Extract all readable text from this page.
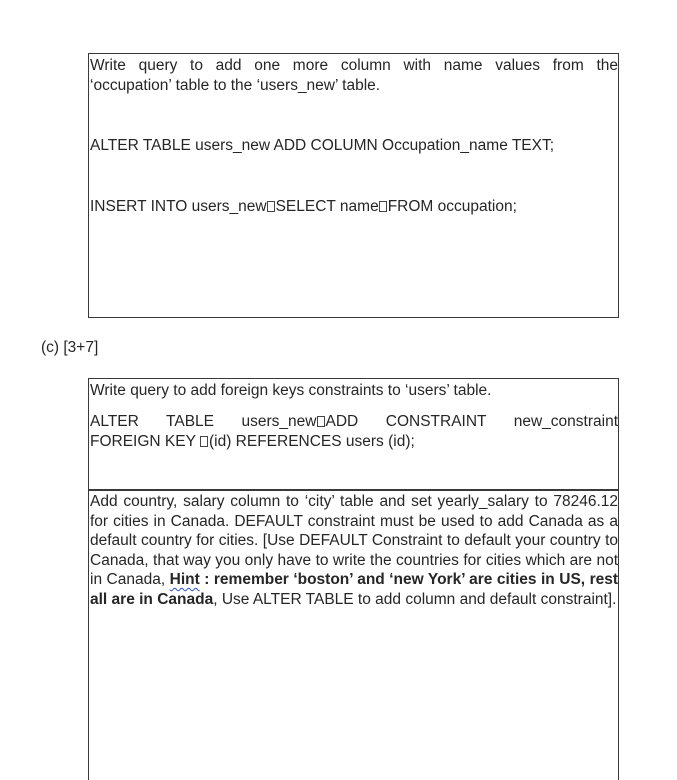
Write query to add one more column with name values from the
‘occupation’ table to the ‘users_new’ table.

ALTER TABLE users_new ADD COLUMN Occupation_name TEXT;

INSERT INTO users_new SELECT name FROM occupation;

(c) [3+7]

Write query to add foreign keys constraints to ‘users’ table.

ALTER TABLE users_new ADD CONSTRAINT new_constraint
FOREIGN KEY (id) REFERENCES users (id);

Add country, salary column to ‘city’ table and set yearly_salary to 78246.12 for cities in Canada. DEFAULT constraint must be used to add Canada as a default country for cities. [Use DEFAULT Constraint to default your country to Canada, that way you only have to write the countries for cities which are not in Canada, Hint : remember ‘boston’ and ‘new York’ are cities in US, rest all are in Canada, Use ALTER TABLE to add column and default constraint].
